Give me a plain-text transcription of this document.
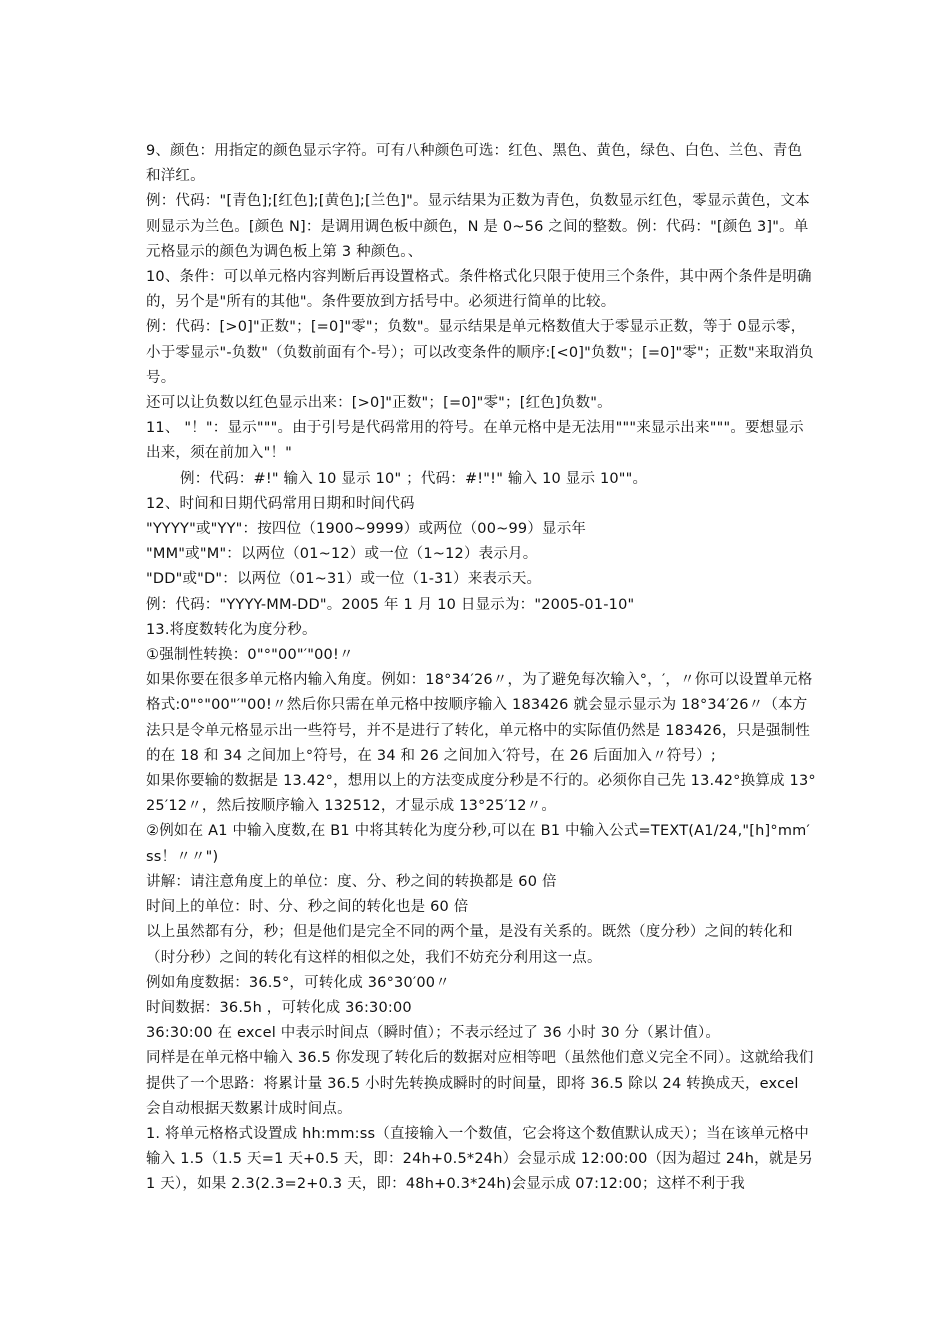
9、颜色：用指定的颜色显示字符。可有八种颜色可选：红色、黑色、黄色，绿色、白色、兰色、青色和洋红。

例：代码："[青色];[红色];[黄色];[兰色]"。显示结果为正数为青色，负数显示红色，零显示黄色，文本则显示为兰色。[颜色 N]：是调用调色板中颜色，N 是 0~56 之间的整数。例：代码："[颜色 3]"。单元格显示的颜色为调色板上第 3 种颜色。、

10、条件：可以单元格内容判断后再设置格式。条件格式化只限于使用三个条件，其中两个条件是明确的，另个是"所有的其他"。条件要放到方括号中。必须进行简单的比较。

例：代码：[>0]"正数"；[=0]"零"；负数"。显示结果是单元格数值大于零显示正数，等于 0显示零，小于零显示"-负数"（负数前面有个-号）；可以改变条件的顺序:[<0]"负数"；[=0]"零"；正数"来取消负号。

还可以让负数以红色显示出来：[>0]"正数"；[=0]"零"；[红色]负数"。

11、 "！"：显示"""。由于引号是代码常用的符号。在单元格中是无法用"""来显示出来"""。要想显示出来，须在前加入"！"

例：代码：#!" 输入 10 显示 10" ；代码：#!"!" 输入 10 显示 10""。

12、时间和日期代码常用日期和时间代码

"YYYY"或"YY"：按四位（1900~9999）或两位（00~99）显示年

"MM"或"M"：以两位（01~12）或一位（1~12）表示月。

"DD"或"D"：以两位（01~31）或一位（1-31）来表示天。

例：代码："YYYY-MM-DD"。2005 年 1 月 10 日显示为："2005-01-10"

13.将度数转化为度分秒。

①强制性转换：0"°"00"′"00!〃

如果你要在很多单元格内输入角度。例如：18°34′26〃，为了避免每次输入°，′，〃你可以设置单元格格式:0"°"00"′"00!〃然后你只需在单元格中按顺序输入 183426 就会显示显示为 18°34′26〃（本方法只是令单元格显示出一些符号，并不是进行了转化，单元格中的实际值仍然是 183426，只是强制性的在 18 和 34 之间加上°符号，在 34 和 26 之间加入′符号，在 26 后面加入〃符号）;

如果你要输的数据是 13.42°，想用以上的方法变成度分秒是不行的。必须你自己先 13.42°换算成 13°25′12〃，然后按顺序输入 132512，才显示成 13°25′12〃。

②例如在 A1 中输入度数,在 B1 中将其转化为度分秒,可以在 B1 中输入公式=TEXT(A1/24,"[h]°mm′ss！〃〃")

讲解：请注意角度上的单位：度、分、秒之间的转换都是 60 倍

时间上的单位：时、分、秒之间的转化也是 60 倍

以上虽然都有分，秒；但是他们是完全不同的两个量，是没有关系的。既然（度分秒）之间的转化和（时分秒）之间的转化有这样的相似之处，我们不妨充分利用这一点。

例如角度数据：36.5°，可转化成 36°30′00〃

时间数据：36.5h ，可转化成 36:30:00

36:30:00 在 excel 中表示时间点（瞬时值）；不表示经过了 36 小时 30 分（累计值）。

同样是在单元格中输入 36.5 你发现了转化后的数据对应相等吧（虽然他们意义完全不同）。这就给我们提供了一个思路：将累计量 36.5 小时先转换成瞬时的时间量，即将 36.5 除以 24 转换成天，excel 会自动根据天数累计成时间点。

1. 将单元格格式设置成 hh:mm:ss（直接输入一个数值，它会将这个数值默认成天）；当在该单元格中输入 1.5（1.5 天=1 天+0.5 天，即：24h+0.5*24h）会显示成 12:00:00（因为超过 24h，就是另 1 天），如果 2.3(2.3=2+0.3 天，即：48h+0.3*24h)会显示成 07:12:00；这样不利于我
